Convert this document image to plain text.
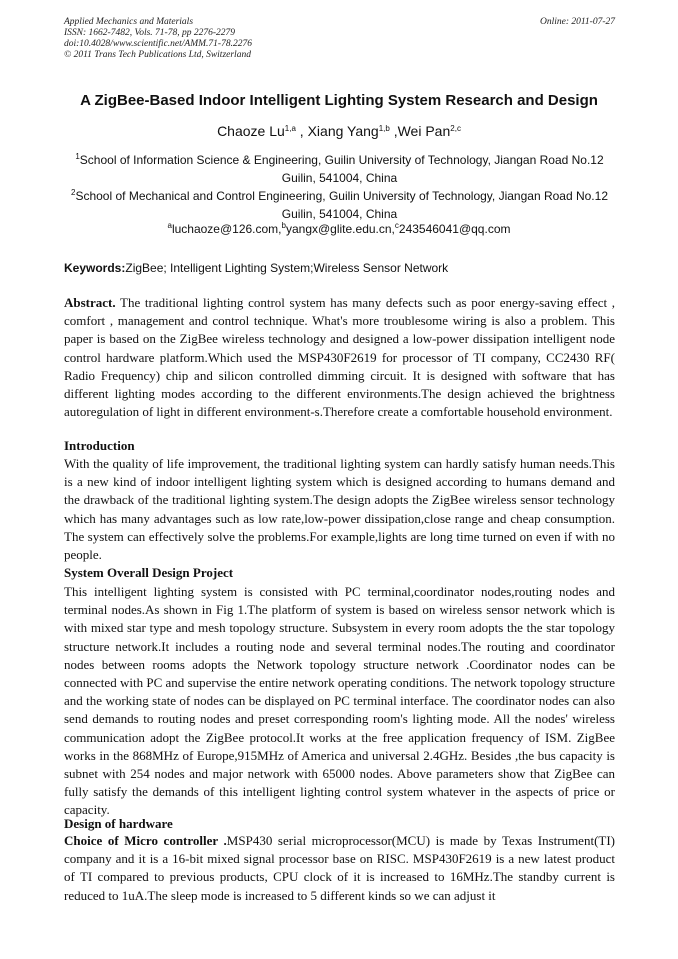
Applied Mechanics and Materials
ISSN: 1662-7482, Vols. 71-78, pp 2276-2279
doi:10.4028/www.scientific.net/AMM.71-78.2276
© 2011 Trans Tech Publications Ltd, Switzerland
Online: 2011-07-27
A ZigBee-Based Indoor Intelligent Lighting System Research and Design
Chaoze Lu$^{1,a}$ , Xiang Yang$^{1,b}$ ,Wei Pan$^{2,c}$
$^1$School of Information Science & Engineering, Guilin University of Technology, Jiangan Road No.12 Guilin, 541004, China
$^2$School of Mechanical and Control Engineering, Guilin University of Technology, Jiangan Road No.12 Guilin, 541004, China
$^a$luchaoze@126.com,$^b$yangx@glite.edu.cn,$^c$243546041@qq.com
Keywords:ZigBee; Intelligent Lighting System;Wireless Sensor Network
Abstract. The traditional lighting control system has many defects such as poor energy-saving effect , comfort , management and control technique. What's more troublesome wiring is also a problem. This paper is based on the ZigBee wireless technology and designed a low-power dissipation intelligent node control hardware platform.Which used the MSP430F2619 for processor of TI company, CC2430 RF( Radio Frequency) chip and silicon controlled dimming circuit. It is designed with software that has different lighting modes according to the different environments.The design achieved the brightness autoregulation of light in different environment-s.Therefore create a comfortable household environment.
Introduction
With the quality of life improvement, the traditional lighting system can hardly satisfy human needs.This is a new kind of indoor intelligent lighting system which is designed according to humans demand and the drawback of the traditional lighting system.The design adopts the ZigBee wireless sensor technology which has many advantages such as low rate,low-power dissipation,close range and cheap consumption. The system can effectively solve the problems.For example,lights are long time turned on even if with no people.
System Overall Design Project
This intelligent lighting system is consisted with PC terminal,coordinator nodes,routing nodes and terminal nodes.As shown in Fig 1.The platform of system is based on wireless sensor network which is with mixed star type and mesh topology structure. Subsystem in every room adopts the the star topology structure network.It includes a routing node and several terminal nodes.The routing and coordinator nodes between rooms adopts the Network topology structure network .Coordinator nodes can be connected with PC and supervise the entire network operating conditions. The network topology structure and the working state of nodes can be displayed on PC terminal interface. The coordinator nodes can also send demands to routing nodes and preset corresponding room's lighting mode. All the nodes' wireless communication adopt the ZigBee protocol.It works at the free application frequency of ISM. ZigBee works in the 868MHz of Europe,915MHz of America and universal 2.4GHz. Besides ,the bus capacity is subnet with 254 nodes and major network with 65000 nodes. Above parameters show that ZigBee can fully satisfy the demands of this intelligent lighting control system whatever in the aspects of price or capacity.
Design of hardware
Choice of Micro controller .MSP430 serial microprocessor(MCU) is made by Texas Instrument(TI) company and it is a 16-bit mixed signal processor base on RISC. MSP430F2619 is a new latest product of TI compared to previous products, CPU clock of it is increased to 16MHz.The standby current is reduced to 1uA.The sleep mode is increased to 5 different kinds so we can adjust it
